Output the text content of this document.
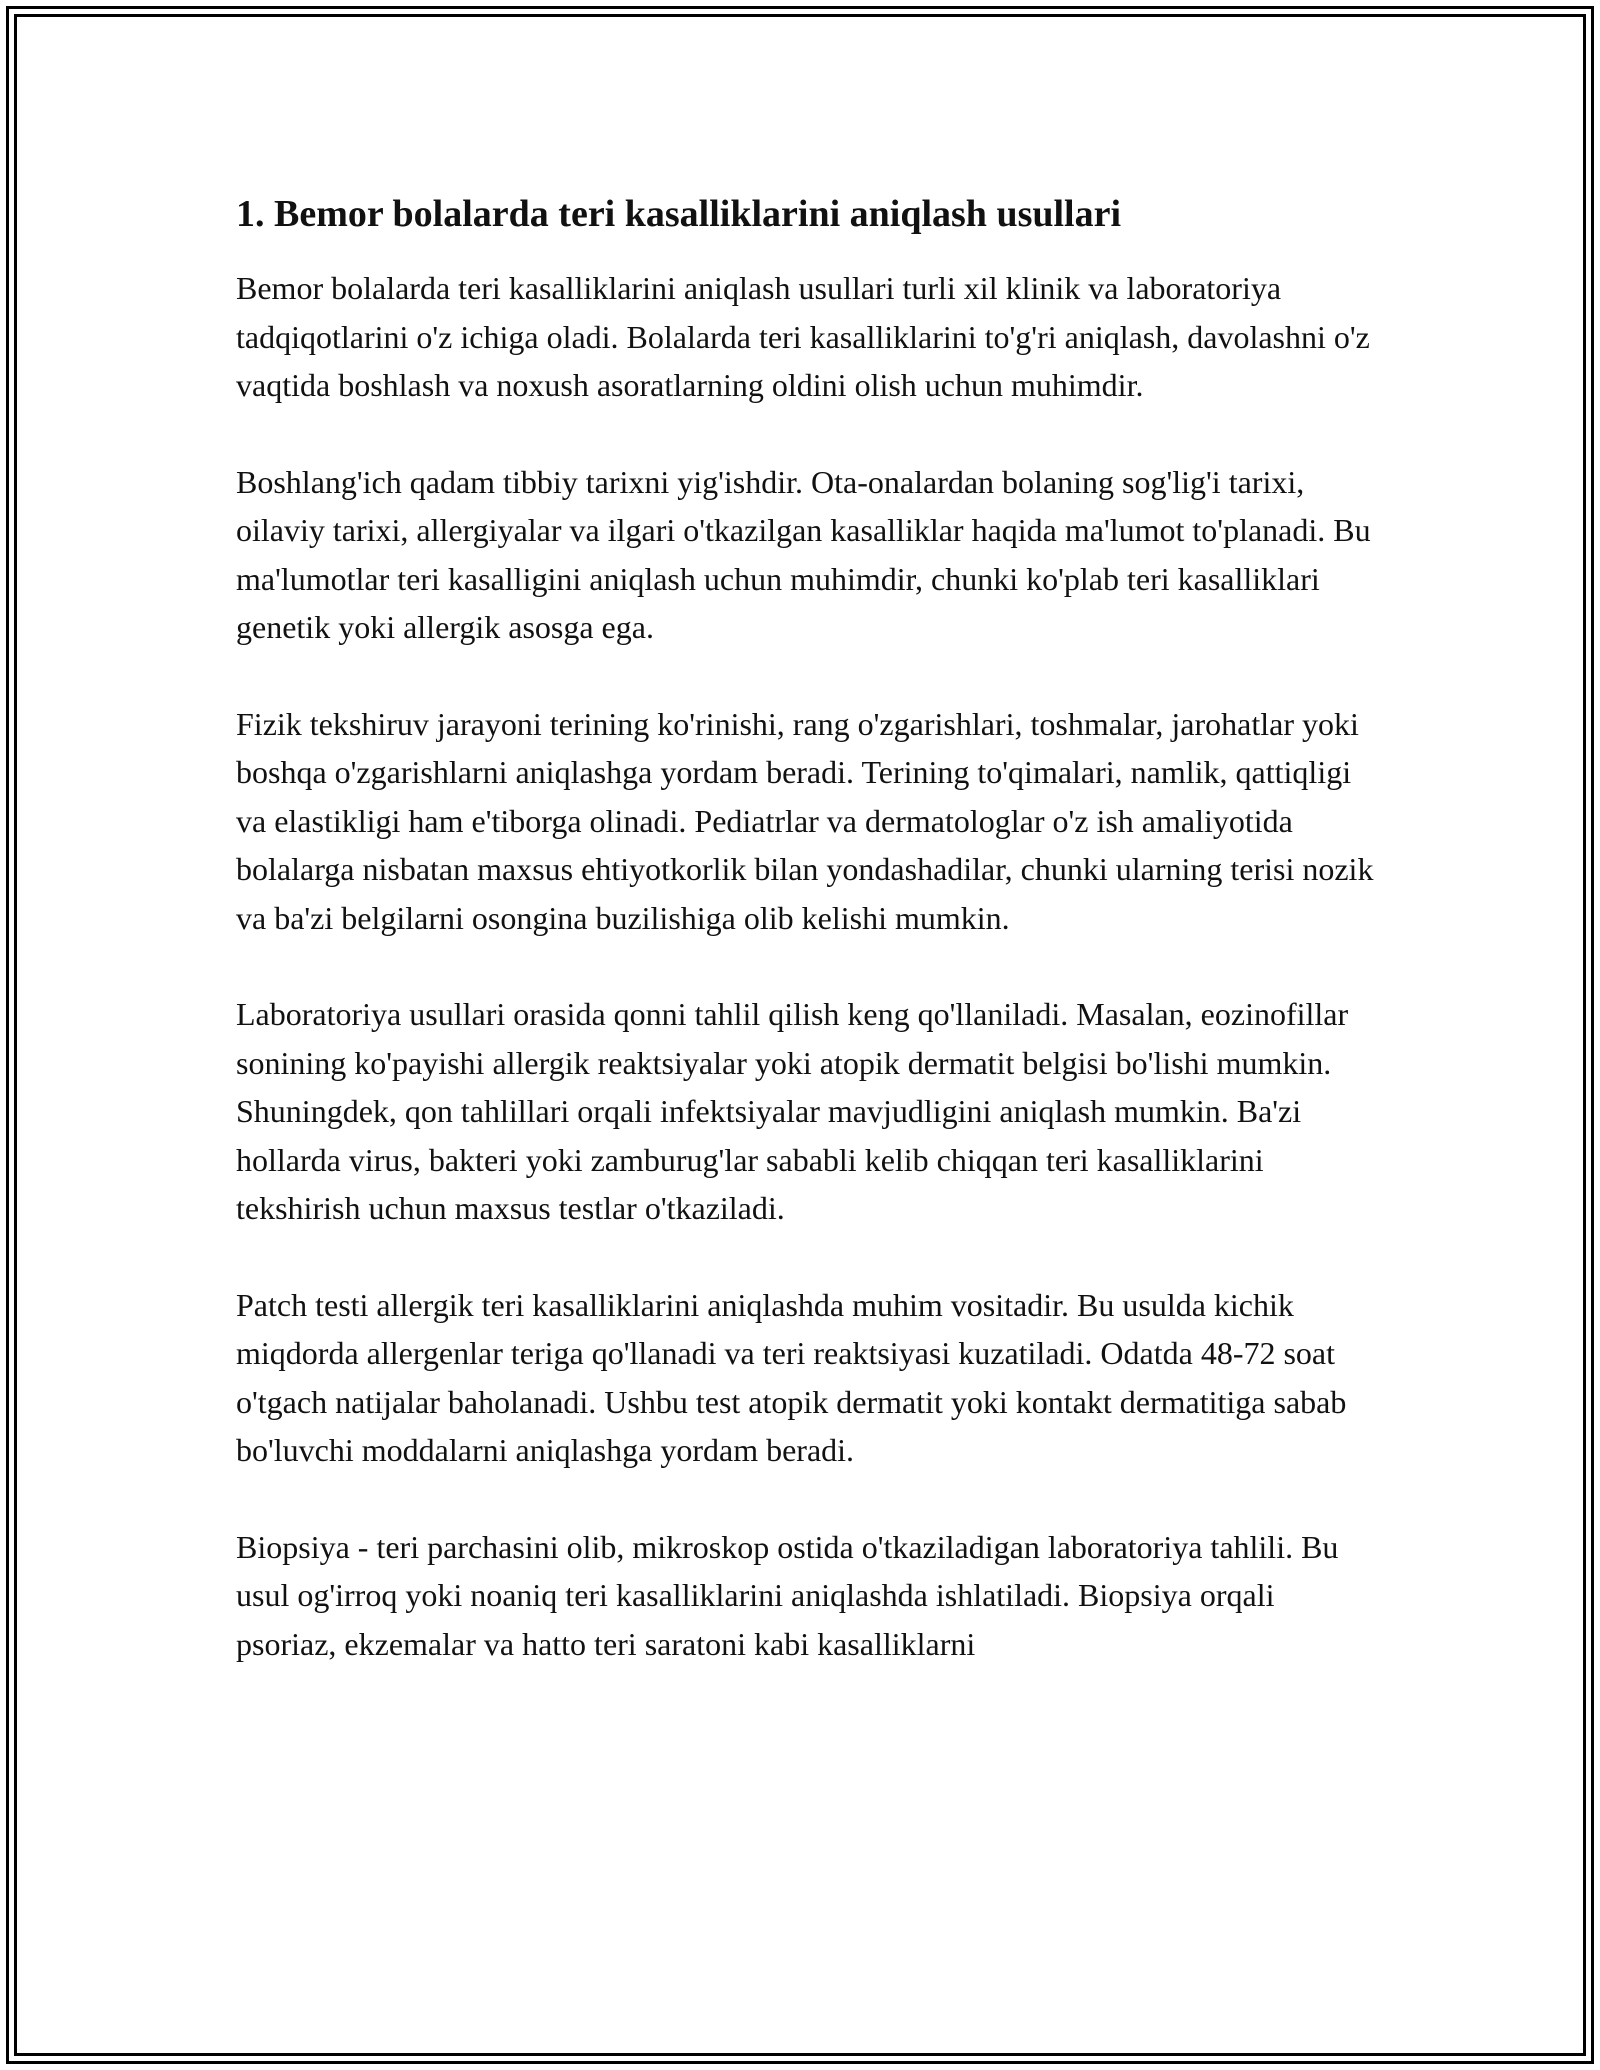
1. Bemor bolalarda teri kasalliklarini aniqlash usullari

Bemor bolalarda teri kasalliklarini aniqlash usullari turli xil klinik va laboratoriya tadqiqotlarini o'z ichiga oladi. Bolalarda teri kasalliklarini to'g'ri aniqlash, davolashni o'z vaqtida boshlash va noxush asoratlarning oldini olish uchun muhimdir.

Boshlang'ich qadam tibbiy tarixni yig'ishdir. Ota-onalardan bolaning sog'lig'i tarixi, oilaviy tarixi, allergiyalar va ilgari o'tkazilgan kasalliklar haqida ma'lumot to'planadi. Bu ma'lumotlar teri kasalligini aniqlash uchun muhimdir, chunki ko'plab teri kasalliklari genetik yoki allergik asosga ega.

Fizik tekshiruv jarayoni terining ko'rinishi, rang o'zgarishlari, toshmalar, jarohatlar yoki boshqa o'zgarishlarni aniqlashga yordam beradi. Terining to'qimalari, namlik, qattiqligi va elastikligi ham e'tiborga olinadi. Pediatrlar va dermatologlar o'z ish amaliyotida bolalarga nisbatan maxsus ehtiyotkorlik bilan yondashadilar, chunki ularning terisi nozik va ba'zi belgilarni osongina buzilishiga olib kelishi mumkin.

Laboratoriya usullari orasida qonni tahlil qilish keng qo'llaniladi. Masalan, eozinofillar sonining ko'payishi allergik reaktsiyalar yoki atopik dermatit belgisi bo'lishi mumkin. Shuningdek, qon tahlillari orqali infektsiyalar mavjudligini aniqlash mumkin. Ba'zi hollarda virus, bakteri yoki zamburug'lar sababli kelib chiqqan teri kasalliklarini tekshirish uchun maxsus testlar o'tkaziladi.

Patch testi allergik teri kasalliklarini aniqlashda muhim vositadir. Bu usulda kichik miqdorda allergenlar teriga qo'llanadi va teri reaktsiyasi kuzatiladi. Odatda 48-72 soat o'tgach natijalar baholanadi. Ushbu test atopik dermatit yoki kontakt dermatitiga sabab bo'luvchi moddalarni aniqlashga yordam beradi.

Biopsiya - teri parchasini olib, mikroskop ostida o'tkaziladigan laboratoriya tahlili. Bu usul og'irroq yoki noaniq teri kasalliklarini aniqlashda ishlatiladi. Biopsiya orqali psoriaz, ekzemalar va hatto teri saratoni kabi kasalliklarni
